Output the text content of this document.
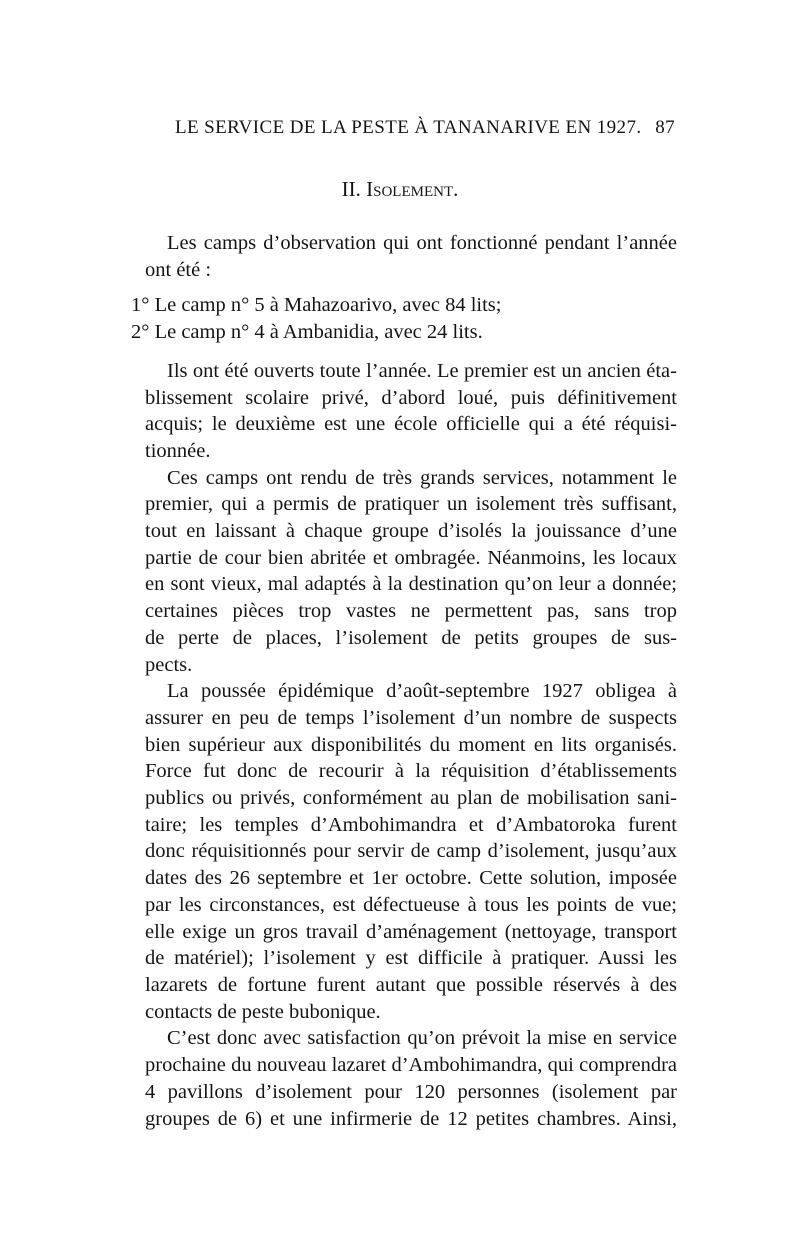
LE SERVICE DE LA PESTE À TANANARIVE EN 1927. 87
II. Isolement.
Les camps d’observation qui ont fonctionné pendant l’année
ont été :
1° Le camp n° 5 à Mahazoarivo, avec 84 lits;
2° Le camp n° 4 à Ambanidia, avec 24 lits.
Ils ont été ouverts toute l’année. Le premier est un ancien éta-
blissement scolaire privé, d’abord loué, puis définitivement
acquis; le deuxième est une école officielle qui a été réquisi-
tionnée.
Ces camps ont rendu de très grands services, notamment le
premier, qui a permis de pratiquer un isolement très suffisant,
tout en laissant à chaque groupe d’isolés la jouissance d’une
partie de cour bien abritée et ombragée. Néanmoins, les locaux
en sont vieux, mal adaptés à la destination qu’on leur a donnée;
certaines pièces trop vastes ne permettent pas, sans trop
de perte de places, l’isolement de petits groupes de sus-
pects.
La poussée épidémique d’août-septembre 1927 obligea à
assurer en peu de temps l’isolement d’un nombre de suspects
bien supérieur aux disponibilités du moment en lits organisés.
Force fut donc de recourir à la réquisition d’établissements
publics ou privés, conformément au plan de mobilisation sani-
taire; les temples d’Ambohimandra et d’Ambatoroka furent
donc réquisitionnés pour servir de camp d’isolement, jusqu’aux
dates des 26 septembre et 1er octobre. Cette solution, imposée
par les circonstances, est défectueuse à tous les points de vue;
elle exige un gros travail d’aménagement (nettoyage, transport
de matériel); l’isolement y est difficile à pratiquer. Aussi les
lazarets de fortune furent autant que possible réservés à des
contacts de peste bubonique.
C’est donc avec satisfaction qu’on prévoit la mise en service
prochaine du nouveau lazaret d’Ambohimandra, qui comprendra
4 pavillons d’isolement pour 120 personnes (isolement par
groupes de 6) et une infirmerie de 12 petites chambres. Ainsi,
